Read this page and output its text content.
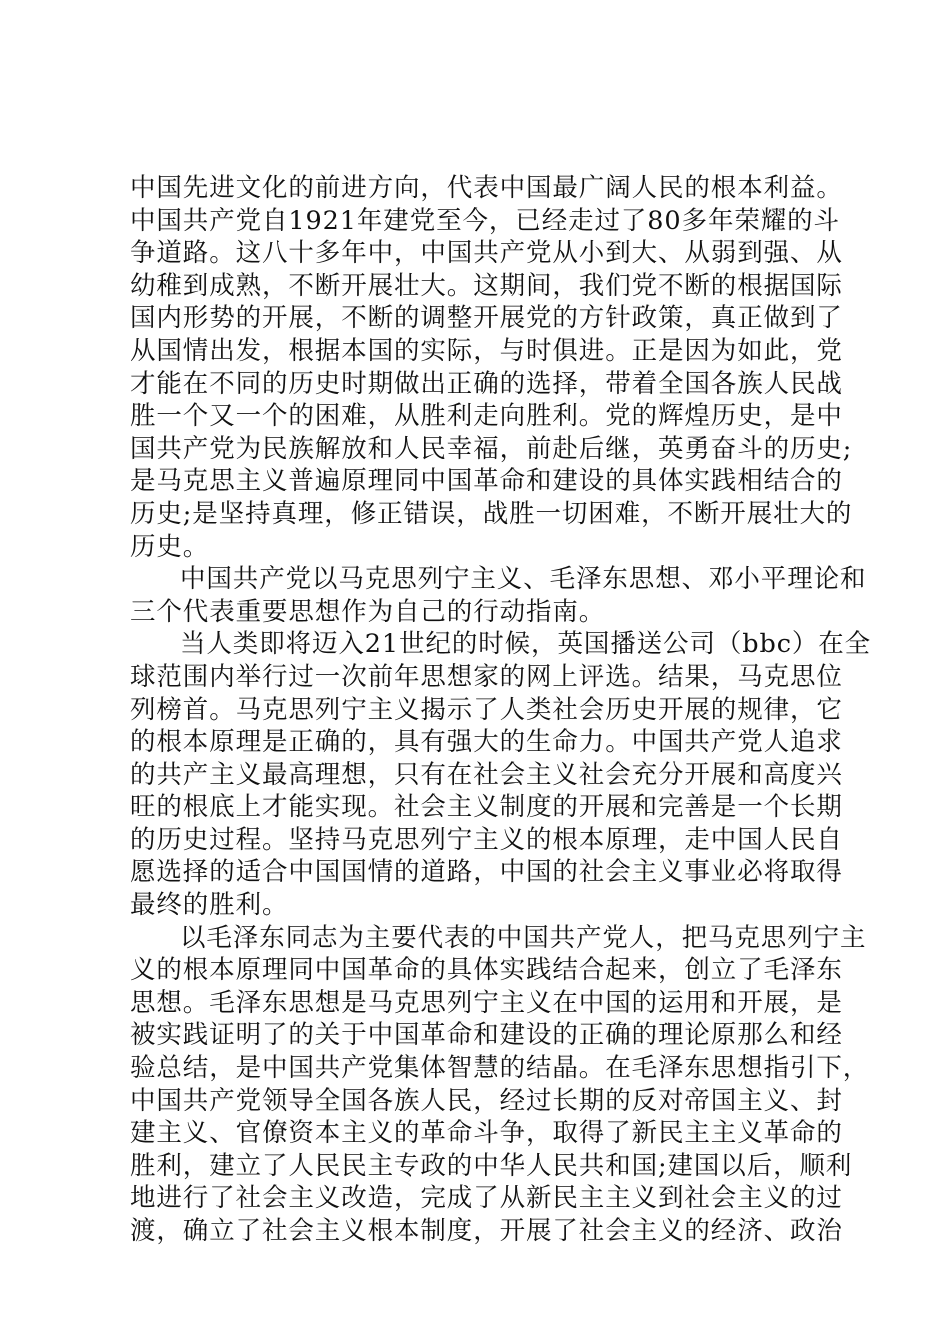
中国先进文化的前进方向，代表中国最广阔人民的根本利益。
中国共产党自1921年建党至今，已经走过了80多年荣耀的斗
争道路。这八十多年中，中国共产党从小到大、从弱到强、从
幼稚到成熟，不断开展壮大。这期间，我们党不断的根据国际
国内形势的开展，不断的调整开展党的方针政策，真正做到了
从国情出发，根据本国的实际，与时俱进。正是因为如此，党
才能在不同的历史时期做出正确的选择，带着全国各族人民战
胜一个又一个的困难，从胜利走向胜利。党的辉煌历史，是中
国共产党为民族解放和人民幸福，前赴后继，英勇奋斗的历史;
是马克思主义普遍原理同中国革命和建设的具体实践相结合的
历史;是坚持真理，修正错误，战胜一切困难，不断开展壮大的
历史。
中国共产党以马克思列宁主义、毛泽东思想、邓小平理论和
三个代表重要思想作为自己的行动指南。
当人类即将迈入21世纪的时候，英国播送公司（bbc）在全
球范围内举行过一次前年思想家的网上评选。结果，马克思位
列榜首。马克思列宁主义揭示了人类社会历史开展的规律，它
的根本原理是正确的，具有强大的生命力。中国共产党人追求
的共产主义最高理想，只有在社会主义社会充分开展和高度兴
旺的根底上才能实现。社会主义制度的开展和完善是一个长期
的历史过程。坚持马克思列宁主义的根本原理，走中国人民自
愿选择的适合中国国情的道路，中国的社会主义事业必将取得
最终的胜利。
以毛泽东同志为主要代表的中国共产党人，把马克思列宁主
义的根本原理同中国革命的具体实践结合起来，创立了毛泽东
思想。毛泽东思想是马克思列宁主义在中国的运用和开展，是
被实践证明了的关于中国革命和建设的正确的理论原那么和经
验总结，是中国共产党集体智慧的结晶。在毛泽东思想指引下，
中国共产党领导全国各族人民，经过长期的反对帝国主义、封
建主义、官僚资本主义的革命斗争，取得了新民主主义革命的
胜利，建立了人民民主专政的中华人民共和国;建国以后，顺利
地进行了社会主义改造，完成了从新民主主义到社会主义的过
渡，确立了社会主义根本制度，开展了社会主义的经济、政治
